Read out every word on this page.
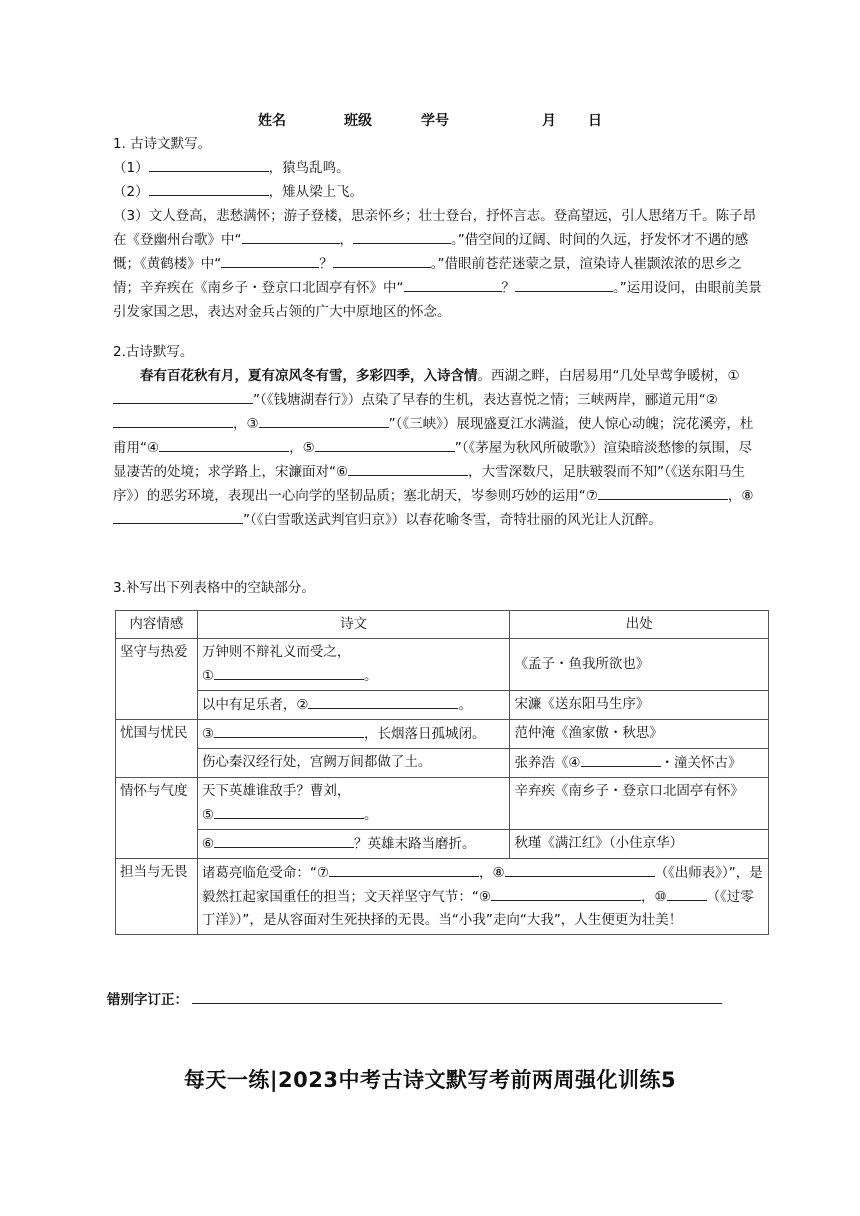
姓名	班级	学号	月 日

1. 古诗文默写。

（1）	，猿鸟乱鸣。

（2）	，雉从梁上飞。

（3）文人登高，悲愁满怀；游子登楼，思亲怀乡；壮士登台，抒怀言志。登高望远，引人思绪万千。陈子昂在《登幽州台歌》中“	，	。”借空间的辽阔、时间的久远，抒发怀才不遇的感慨；《黄鹤楼》中“	？	。”借眼前苍茫迷蒙之景，渲染诗人崔颢浓浓的思乡之情；辛弃疾在《南乡子・登京口北固亭有怀》中“	？	。”运用设问，由眼前美景引发家国之思，表达对金兵占领的广大中原地区的怀念。

2.古诗默写。

春有百花秋有月，夏有凉风冬有雪，多彩四季，入诗含情。西湖之畔，白居易用“几处早莺争暖树，①”（《钱塘湖春行》）点染了早春的生机，表达喜悦之情；三峡两岸，郦道元用“②，③	”（《三峡》）展现盛夏江水满溢，使人惊心动魄；浣花溪旁，杜甫用“④	，⑤	”（《茅屋为秋风所破歌》）渲染暗淡愁惨的氛围，尽显凄苦的处境；求学路上，宋濂面对“⑥	，大雪深数尺，足肤皲裂而不知”（《送东阳马生序》）的恶劣环境，表现出一心向学的坚韧品质；塞北胡天，岑参则巧妙的运用“⑦	，⑧”（《白雪歌送武判官归京》）以春花喻冬雪，奇特壮丽的风光让人沉醉。

3.补写出下列表格中的空缺部分。

内容情感	诗文	出处
坚守与热爱	万钟则不辩礼义而受之，
① 。	《孟子・鱼我所欲也》
	以中有足乐者，② 。	宋濂《送东阳马生序》
忧国与忧民	③ ，长烟落日孤城闭。	范仲淹《渔家傲・秋思》
	伤心秦汉经行处，宫阙万间都做了土。	张养浩《④ ・潼关怀古》
情怀与气度	天下英雄谁敌手？曹刘，
⑤ 。	辛弃疾《南乡子・登京口北固亭有怀》
	⑥ ？英雄末路当磨折。	秋瑾《满江红》（小住京华）
担当与无畏	诸葛亮临危受命：“⑦ ，⑧ （《出师表》）”，是毅然扛起家国重任的担当；文天祥坚守气节：“⑨ ，⑩ （《过零丁洋》）”，是从容面对生死抉择的无畏。当“小我”走向“大我”，人生便更为壮美！	
错别字订正：
每天一练|2023中考古诗文默写考前两周强化训练5
